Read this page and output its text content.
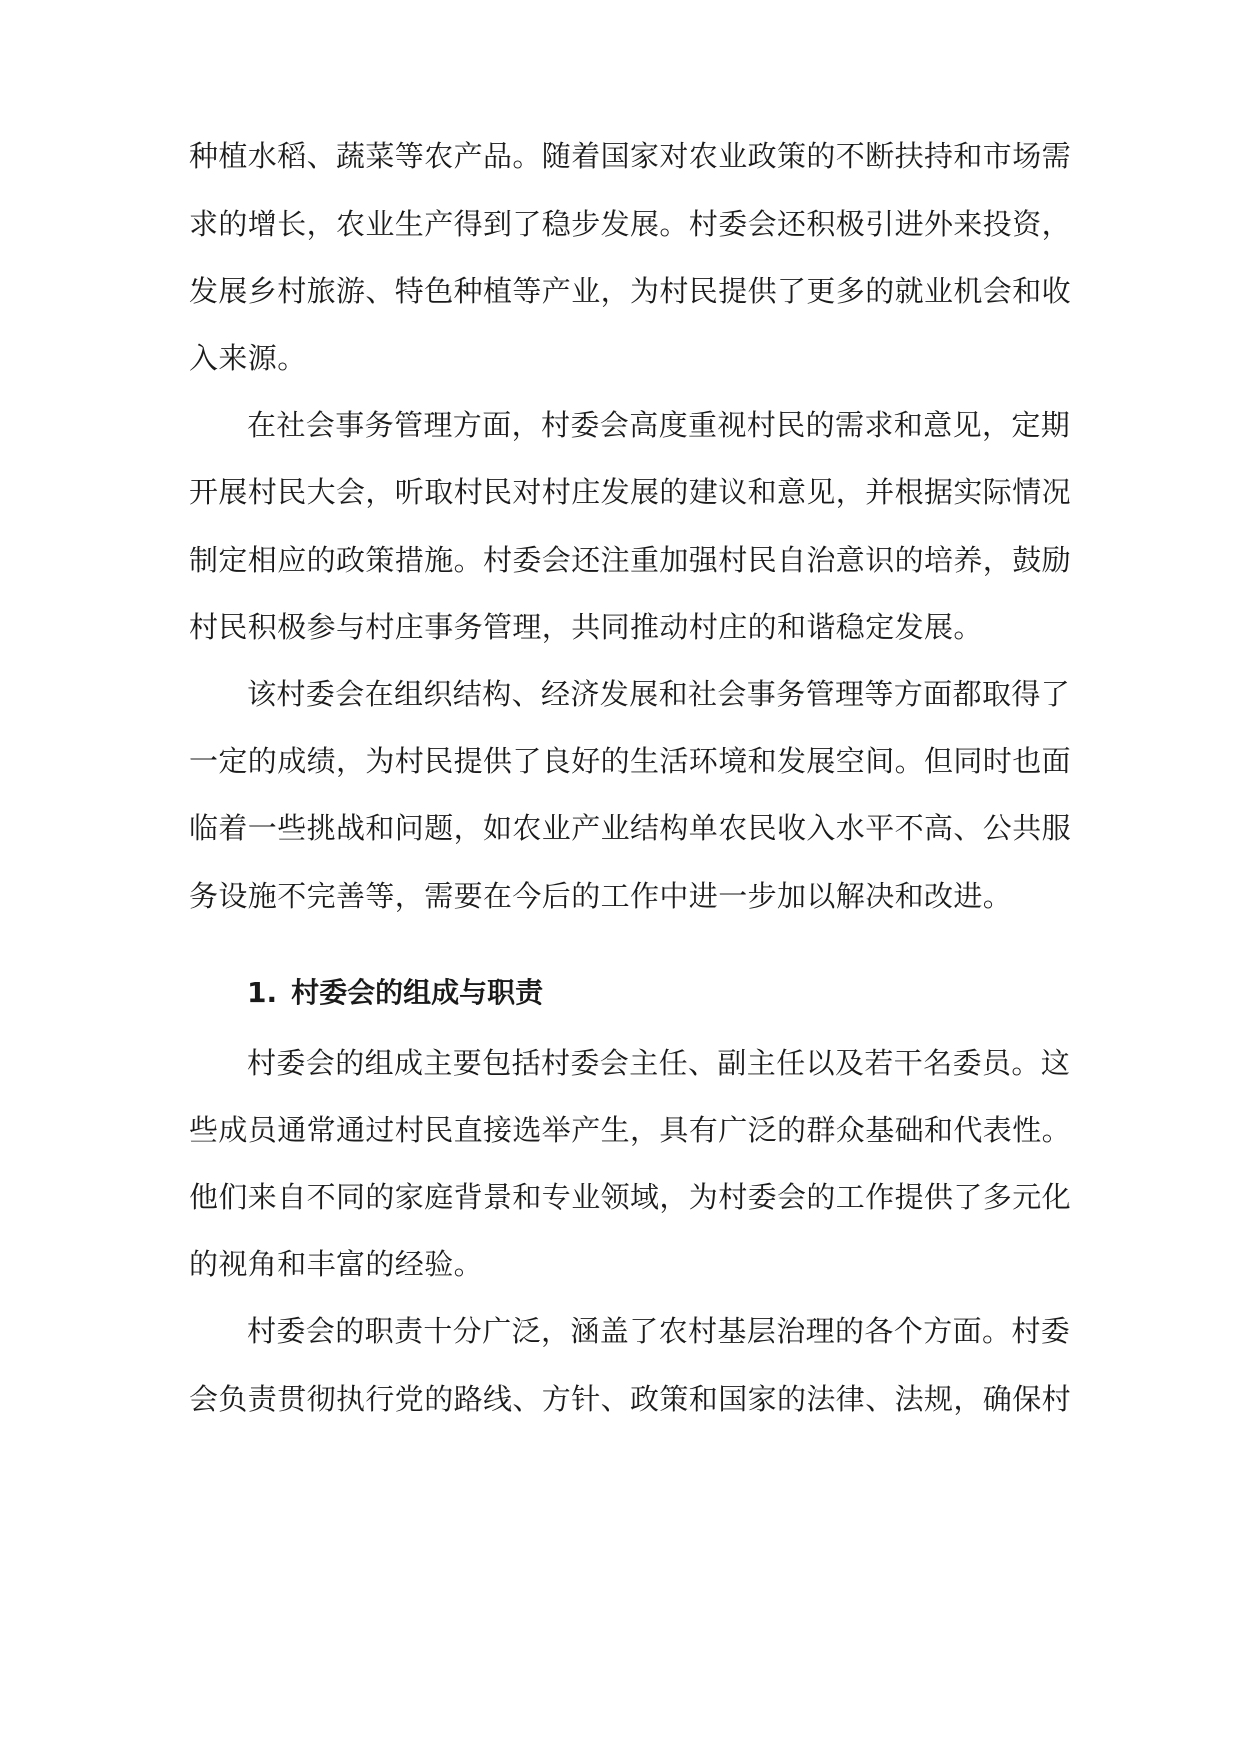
种植水稻、蔬菜等农产品。随着国家对农业政策的不断扶持和市场需
求的增长，农业生产得到了稳步发展。村委会还积极引进外来投资，
发展乡村旅游、特色种植等产业，为村民提供了更多的就业机会和收
入来源。
在社会事务管理方面，村委会高度重视村民的需求和意见，定期
开展村民大会，听取村民对村庄发展的建议和意见，并根据实际情况
制定相应的政策措施。村委会还注重加强村民自治意识的培养，鼓励
村民积极参与村庄事务管理，共同推动村庄的和谐稳定发展。
该村委会在组织结构、经济发展和社会事务管理等方面都取得了
一定的成绩，为村民提供了良好的生活环境和发展空间。但同时也面
临着一些挑战和问题，如农业产业结构单农民收入水平不高、公共服
务设施不完善等，需要在今后的工作中进一步加以解决和改进。
1. 村委会的组成与职责
村委会的组成主要包括村委会主任、副主任以及若干名委员。这
些成员通常通过村民直接选举产生，具有广泛的群众基础和代表性。
他们来自不同的家庭背景和专业领域，为村委会的工作提供了多元化
的视角和丰富的经验。
村委会的职责十分广泛，涵盖了农村基层治理的各个方面。村委
会负责贯彻执行党的路线、方针、政策和国家的法律、法规，确保村
